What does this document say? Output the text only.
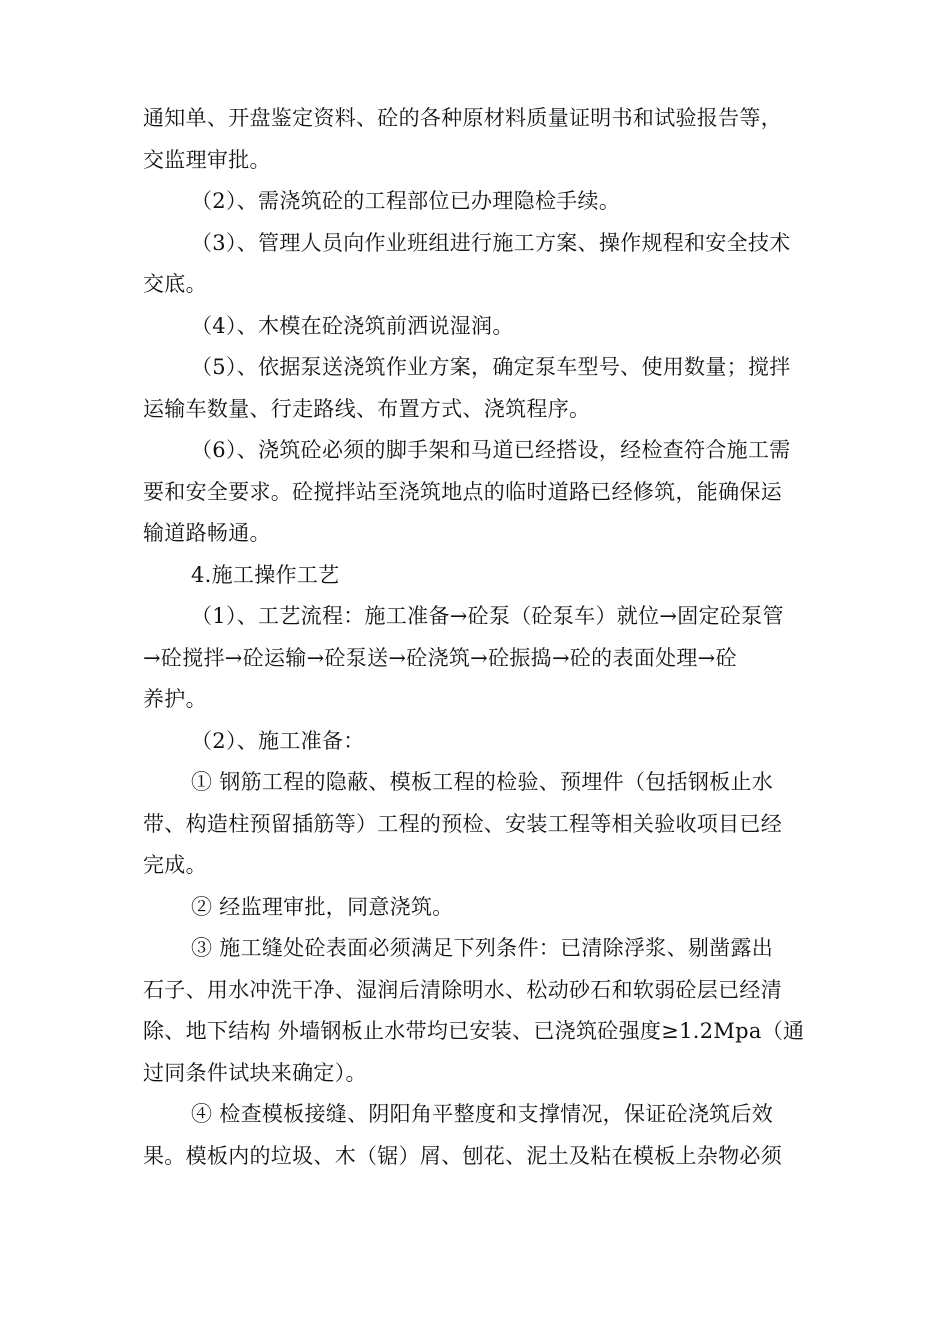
通知单、开盘鉴定资料、砼的各种原材料质量证明书和试验报告等，
交监理审批。
（2）、需浇筑砼的工程部位已办理隐检手续。
（3）、管理人员向作业班组进行施工方案、操作规程和安全技术
交底。
（4）、木模在砼浇筑前洒说湿润。
（5）、依据泵送浇筑作业方案，确定泵车型号、使用数量；搅拌
运输车数量、行走路线、布置方式、浇筑程序。
（6）、浇筑砼必须的脚手架和马道已经搭设，经检查符合施工需
要和安全要求。砼搅拌站至浇筑地点的临时道路已经修筑，能确保运
输道路畅通。
4.施工操作工艺
（1）、工艺流程：施工准备→砼泵（砼泵车）就位→固定砼泵管
→砼搅拌→砼运输→砼泵送→砼浇筑→砼振捣→砼的表面处理→砼
养护。
（2）、施工准备：
① 钢筋工程的隐蔽、模板工程的检验、预埋件（包括钢板止水
带、构造柱预留插筋等）工程的预检、安装工程等相关验收项目已经
完成。
② 经监理审批，同意浇筑。
③ 施工缝处砼表面必须满足下列条件：已清除浮浆、剔凿露出
石子、用水冲洗干净、湿润后清除明水、松动砂石和软弱砼层已经清
除、地下结构 外墙钢板止水带均已安装、已浇筑砼强度≥1.2Mpa（通
过同条件试块来确定）。
④ 检查模板接缝、阴阳角平整度和支撑情况，保证砼浇筑后效
果。模板内的垃圾、木（锯）屑、刨花、泥土及粘在模板上杂物必须
